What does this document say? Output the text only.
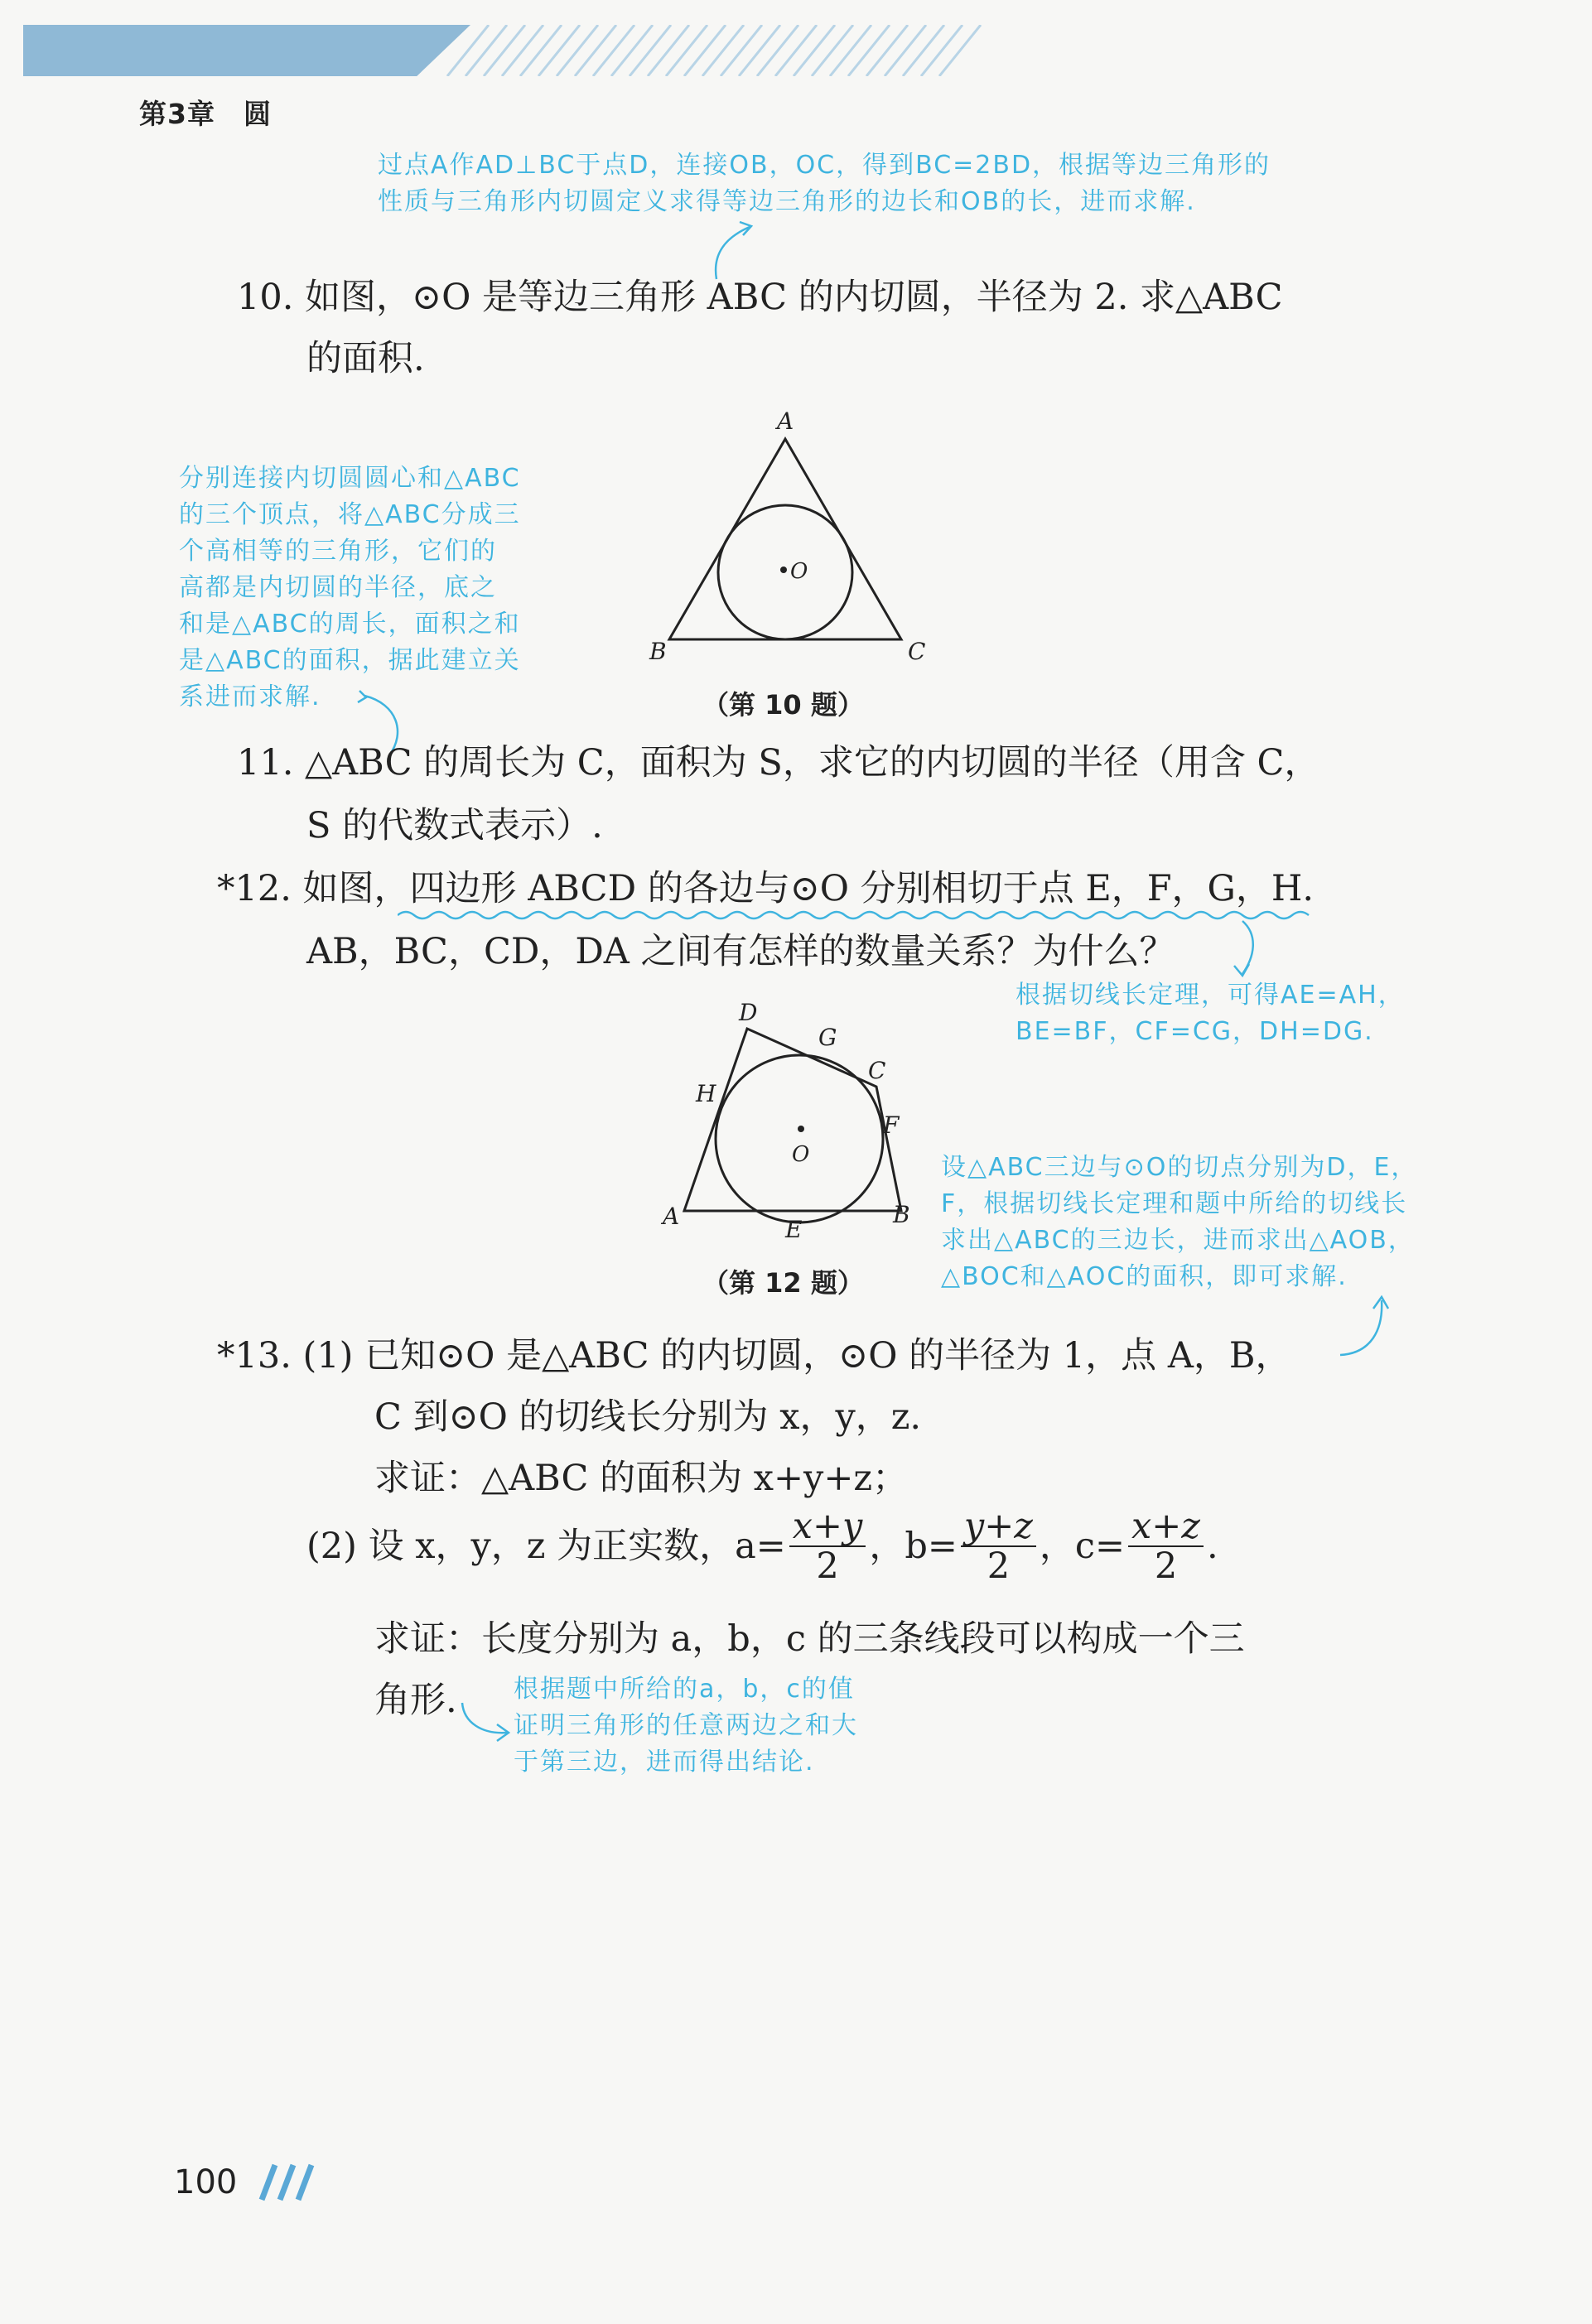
第3章　圆
过点A作AD⊥BC于点D，连接OB，OC，得到BC=2BD，根据等边三角形的
性质与三角形内切圆定义求得等边三角形的边长和OB的长，进而求解.
10. 如图，⊙O 是等边三角形 ABC 的内切圆，半径为 2. 求△ABC
的面积.
分别连接内切圆圆心和△ABC
的三个顶点，将△ABC分成三
个高相等的三角形，它们的
高都是内切圆的半径，底之
和是△ABC的周长，面积之和
是△ABC的面积，据此建立关
系进而求解.
O
A
B	C
（第 10 题）
11. △ABC 的周长为 C，面积为 S，求它的内切圆的半径（用含 C，
S 的代数式表示）.
*12. 如图，四边形 ABCD 的各边与⊙O 分别相切于点 E，F，G，H.
AB，BC，CD，DA 之间有怎样的数量关系？为什么？
根据切线长定理，可得AE=AH，
BE=BF，CF=CG，DH=DG.
O
A	B
C
D
E
F
G
H
（第 12 题）
设△ABC三边与⊙O的切点分别为D，E，
F，根据切线长定理和题中所给的切线长
求出△ABC的三边长，进而求出△AOB，
△BOC和△AOC的面积，即可求解.
*13. (1) 已知⊙O 是△ABC 的内切圆，⊙O 的半径为 1，点 A，B，
C 到⊙O 的切线长分别为 x，y，z.
求证：△ABC 的面积为 x+y+z；
(2) 设 x，y，z 为正实数，$a= \frac{x+y}{2}$ ，$b= \frac{y+z}{2}$ ，$c= \frac{x+z}{2}$ .
求证：长度分别为 a，b，c 的三条线段可以构成一个三
角形. 根据题中所给的a，b，c的值
证明三角形的任意两边之和大
于第三边，进而得出结论.
100
